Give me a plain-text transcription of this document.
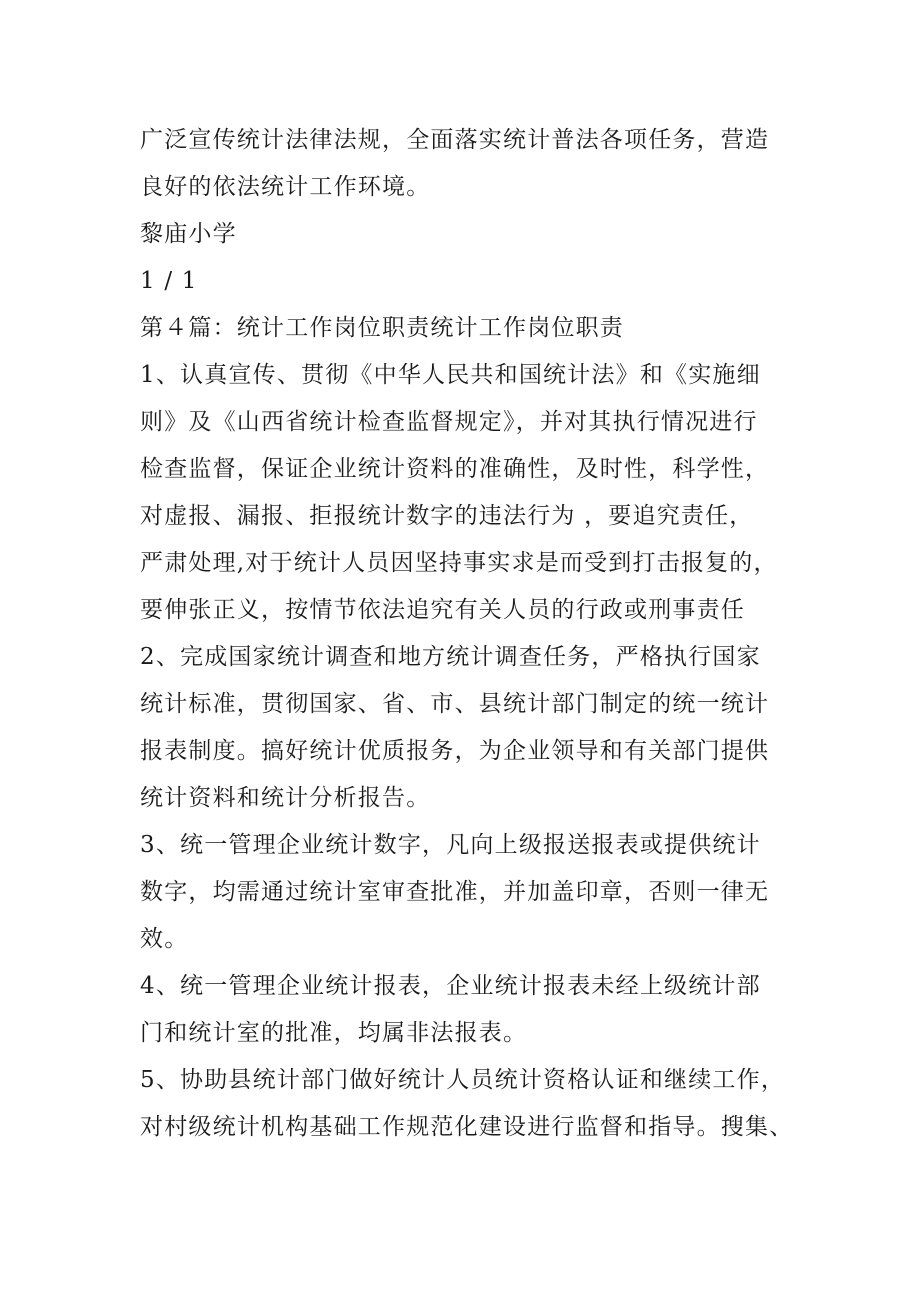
广泛宣传统计法律法规，全面落实统计普法各项任务，营造
良好的依法统计工作环境。
黎庙小学
1 / 1
第４篇：统计工作岗位职责统计工作岗位职责
1、认真宣传、贯彻《中华人民共和国统计法》和《实施细
则》及《山西省统计检查监督规定》，并对其执行情况进行
检查监督，保证企业统计资料的准确性，及时性，科学性，
对虚报、漏报、拒报统计数字的违法行为 ，要追究责任，
严肃处理,对于统计人员因坚持事实求是而受到打击报复的，
要伸张正义，按情节依法追究有关人员的行政或刑事责任
2、完成国家统计调查和地方统计调查任务，严格执行国家
统计标准，贯彻国家、省、市、县统计部门制定的统一统计
报表制度。搞好统计优质报务，为企业领导和有关部门提供
统计资料和统计分析报告。
3、统一管理企业统计数字，凡向上级报送报表或提供统计
数字，均需通过统计室审查批准，并加盖印章，否则一律无
效。
4、统一管理企业统计报表，企业统计报表未经上级统计部
门和统计室的批准，均属非法报表。
5、协助县统计部门做好统计人员统计资格认证和继续工作，
对村级统计机构基础工作规范化建设进行监督和指导。搜集、
